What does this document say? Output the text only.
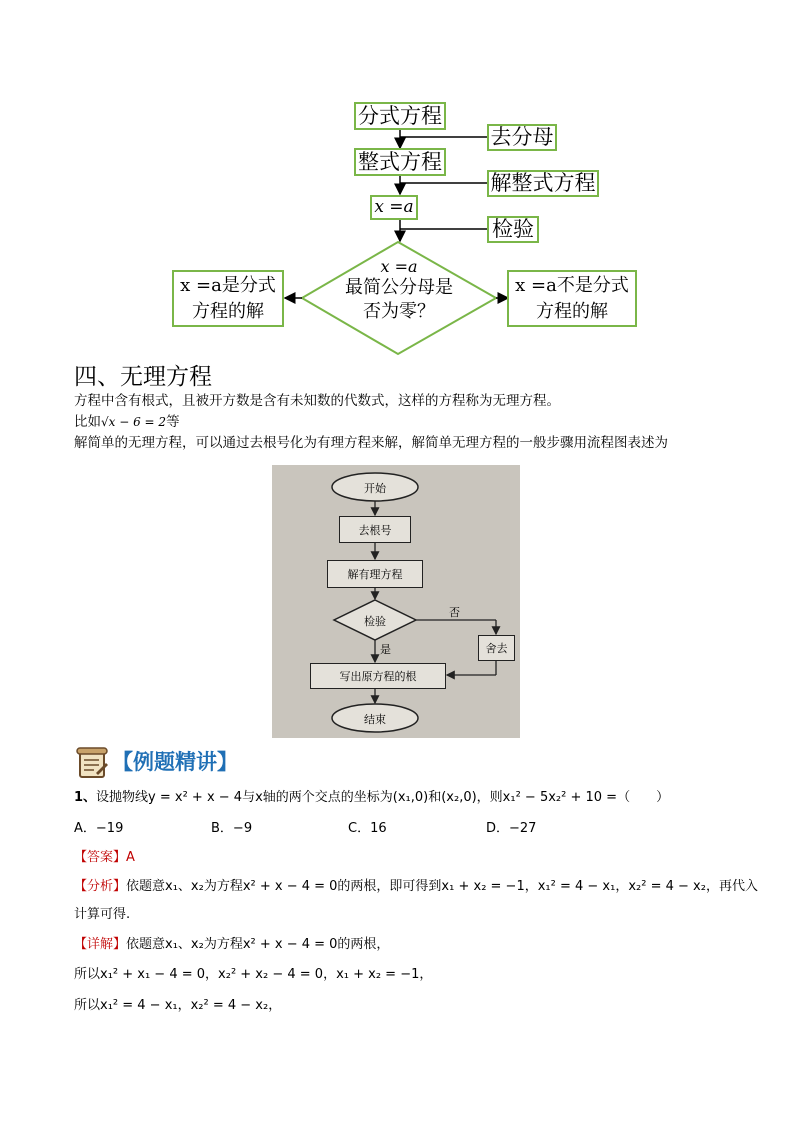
分式方程
去分母
整式方程
解整式方程
x =a
检验
x =a
最简公分母是
否为零？
x =a是分式
方程的解
x =a不是分式
方程的解
四、无理方程
方程中含有根式，且被开方数是含有未知数的代数式，这样的方程称为无理方程。
比如√x − 6 = 2等
解简单的无理方程，可以通过去根号化为有理方程来解，解简单无理方程的一般步骤用流程图表述为
开始
去根号
解有理方程
检验
否
舍去
是
写出原方程的根
结束
【例题精讲】
1、设抛物线y = x² + x − 4与x轴的两个交点的坐标为(x₁,0)和(x₂,0)，则x₁² − 5x₂² + 10 =（　　）
A．−19	B．−9	C．16	D．−27
【答案】A
【分析】依题意x₁、x₂为方程x² + x − 4 = 0的两根，即可得到x₁ + x₂ = −1，x₁² = 4 − x₁，x₂² = 4 − x₂，再代入
计算可得.
【详解】依题意x₁、x₂为方程x² + x − 4 = 0的两根，
所以x₁² + x₁ − 4 = 0，x₂² + x₂ − 4 = 0，x₁ + x₂ = −1，
所以x₁² = 4 − x₁，x₂² = 4 − x₂，
